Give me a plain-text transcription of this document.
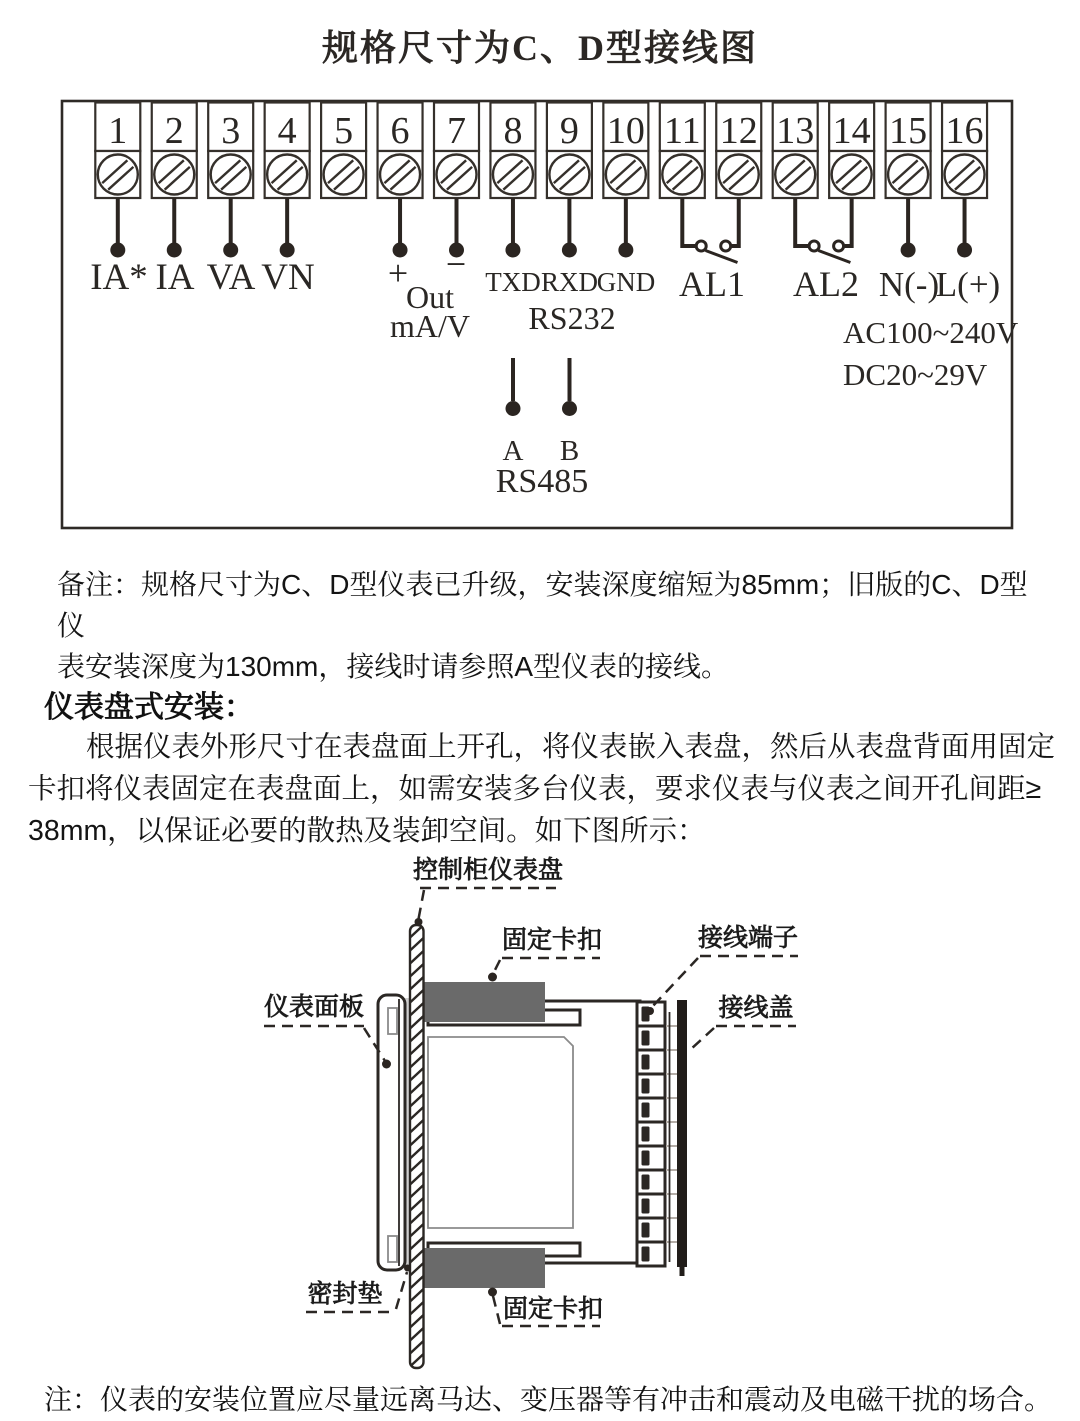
规格尺寸为C、D型接线图
1 2 3 4 5 6 7 8 9 10 11 12 13 14 15 16
IA* IA VA VN + −
Out
mA/V
TXD RXD
GND
RS232
AL1 AL2 N(-)
L(+)
AC100~240V
DC20~29V
A B
RS485
备注：规格尺寸为C、D型仪表已升级，安装深度缩短为85mm；旧版的C、D型仪
表安装深度为130mm，接线时请参照A型仪表的接线。
仪表盘式安装：
根据仪表外形尺寸在表盘面上开孔，将仪表嵌入表盘，然后从表盘背面用固定
卡扣将仪表固定在表盘面上，如需安装多台仪表，要求仪表与仪表之间开孔间距≥
38mm，以保证必要的散热及装卸空间。如下图所示：
控制柜仪表盘
固定卡扣	接线端子
接线盖
仪表面板
密封垫
固定卡扣
注：仪表的安装位置应尽量远离马达、变压器等有冲击和震动及电磁干扰的场合。
